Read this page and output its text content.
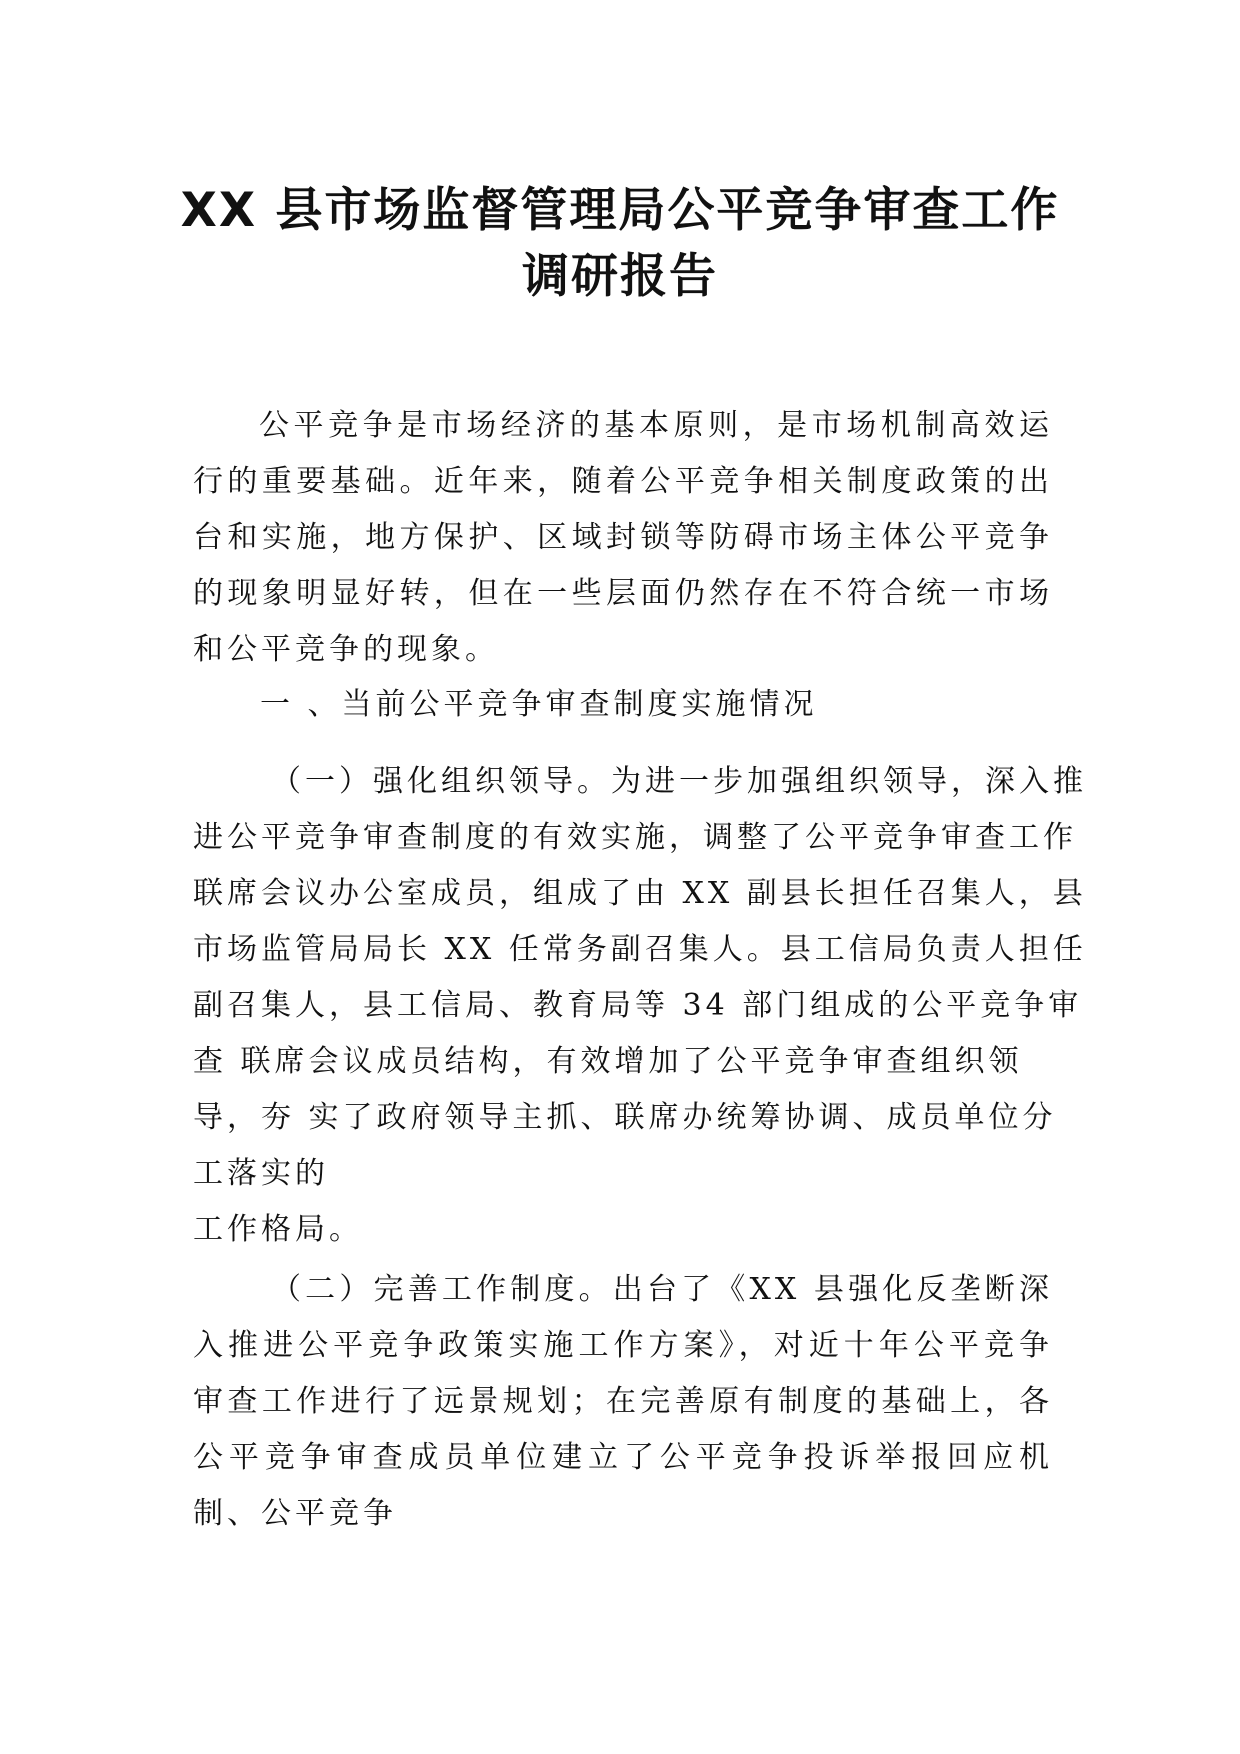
XX 县市场监督管理局公平竞争审查工作
调研报告

公平竞争是市场经济的基本原则，是市场机制高效运行的重要基础。近年来，随着公平竞争相关制度政策的出台和实施，地方保护、区域封锁等防碍市场主体公平竞争的现象明显好转，但在一些层面仍然存在不符合统一市场和公平竞争的现象。

一 、当前公平竞争审查制度实施情况
（一）强化组织领导。为进一步加强组织领导，深入推
进公平竞争审查制度的有效实施，调整了公平竞争审查工作
联席会议办公室成员，组成了由 XX 副县长担任召集人，县
市场监管局局长 XX 任常务副召集人。县工信局负责人担任
副召集人，县工信局、教育局等 34 部门组成的公平竞争审
查 联席会议成员结构，有效增加了公平竞争审查组织领
导，夯 实了政府领导主抓、联席办统筹协调、成员单位分
工落实的
工作格局。

（二）完善工作制度。出台了《XX 县强化反垄断深入推进公平竞争政策实施工作方案》，对近十年公平竞争审查工作进行了远景规划；在完善原有制度的基础上，各公平竞争审查成员单位建立了公平竞争投诉举报回应机制、公平竞争
